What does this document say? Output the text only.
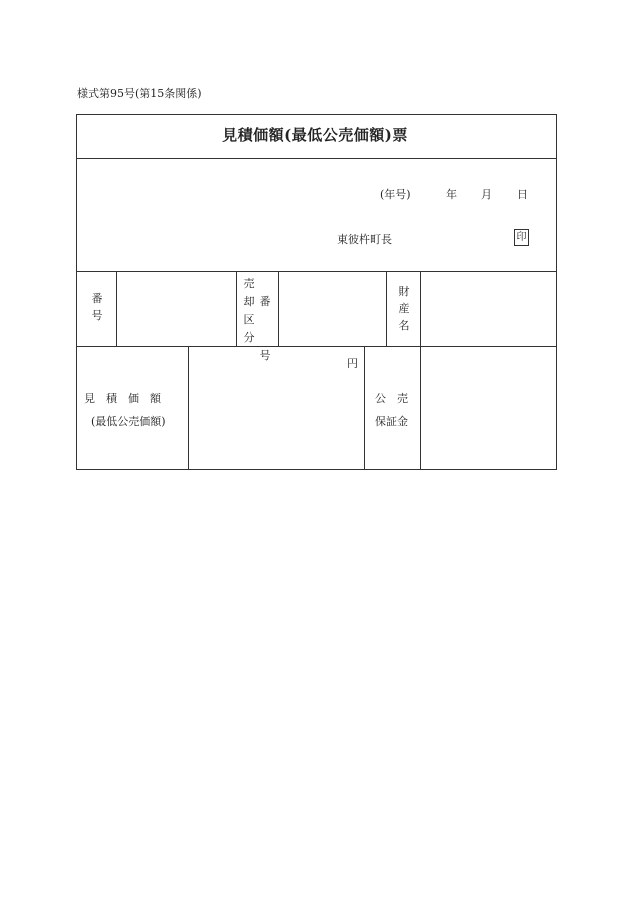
様式第95号(第15条関係)
見積価額(最低公売価額)票
(年号)	年 月 日
東彼杵町長	印
番
号
売
却
区
分
番
号
財
産
名
見　積　価　額
(最低公売価額)
円
公　売
保証金
